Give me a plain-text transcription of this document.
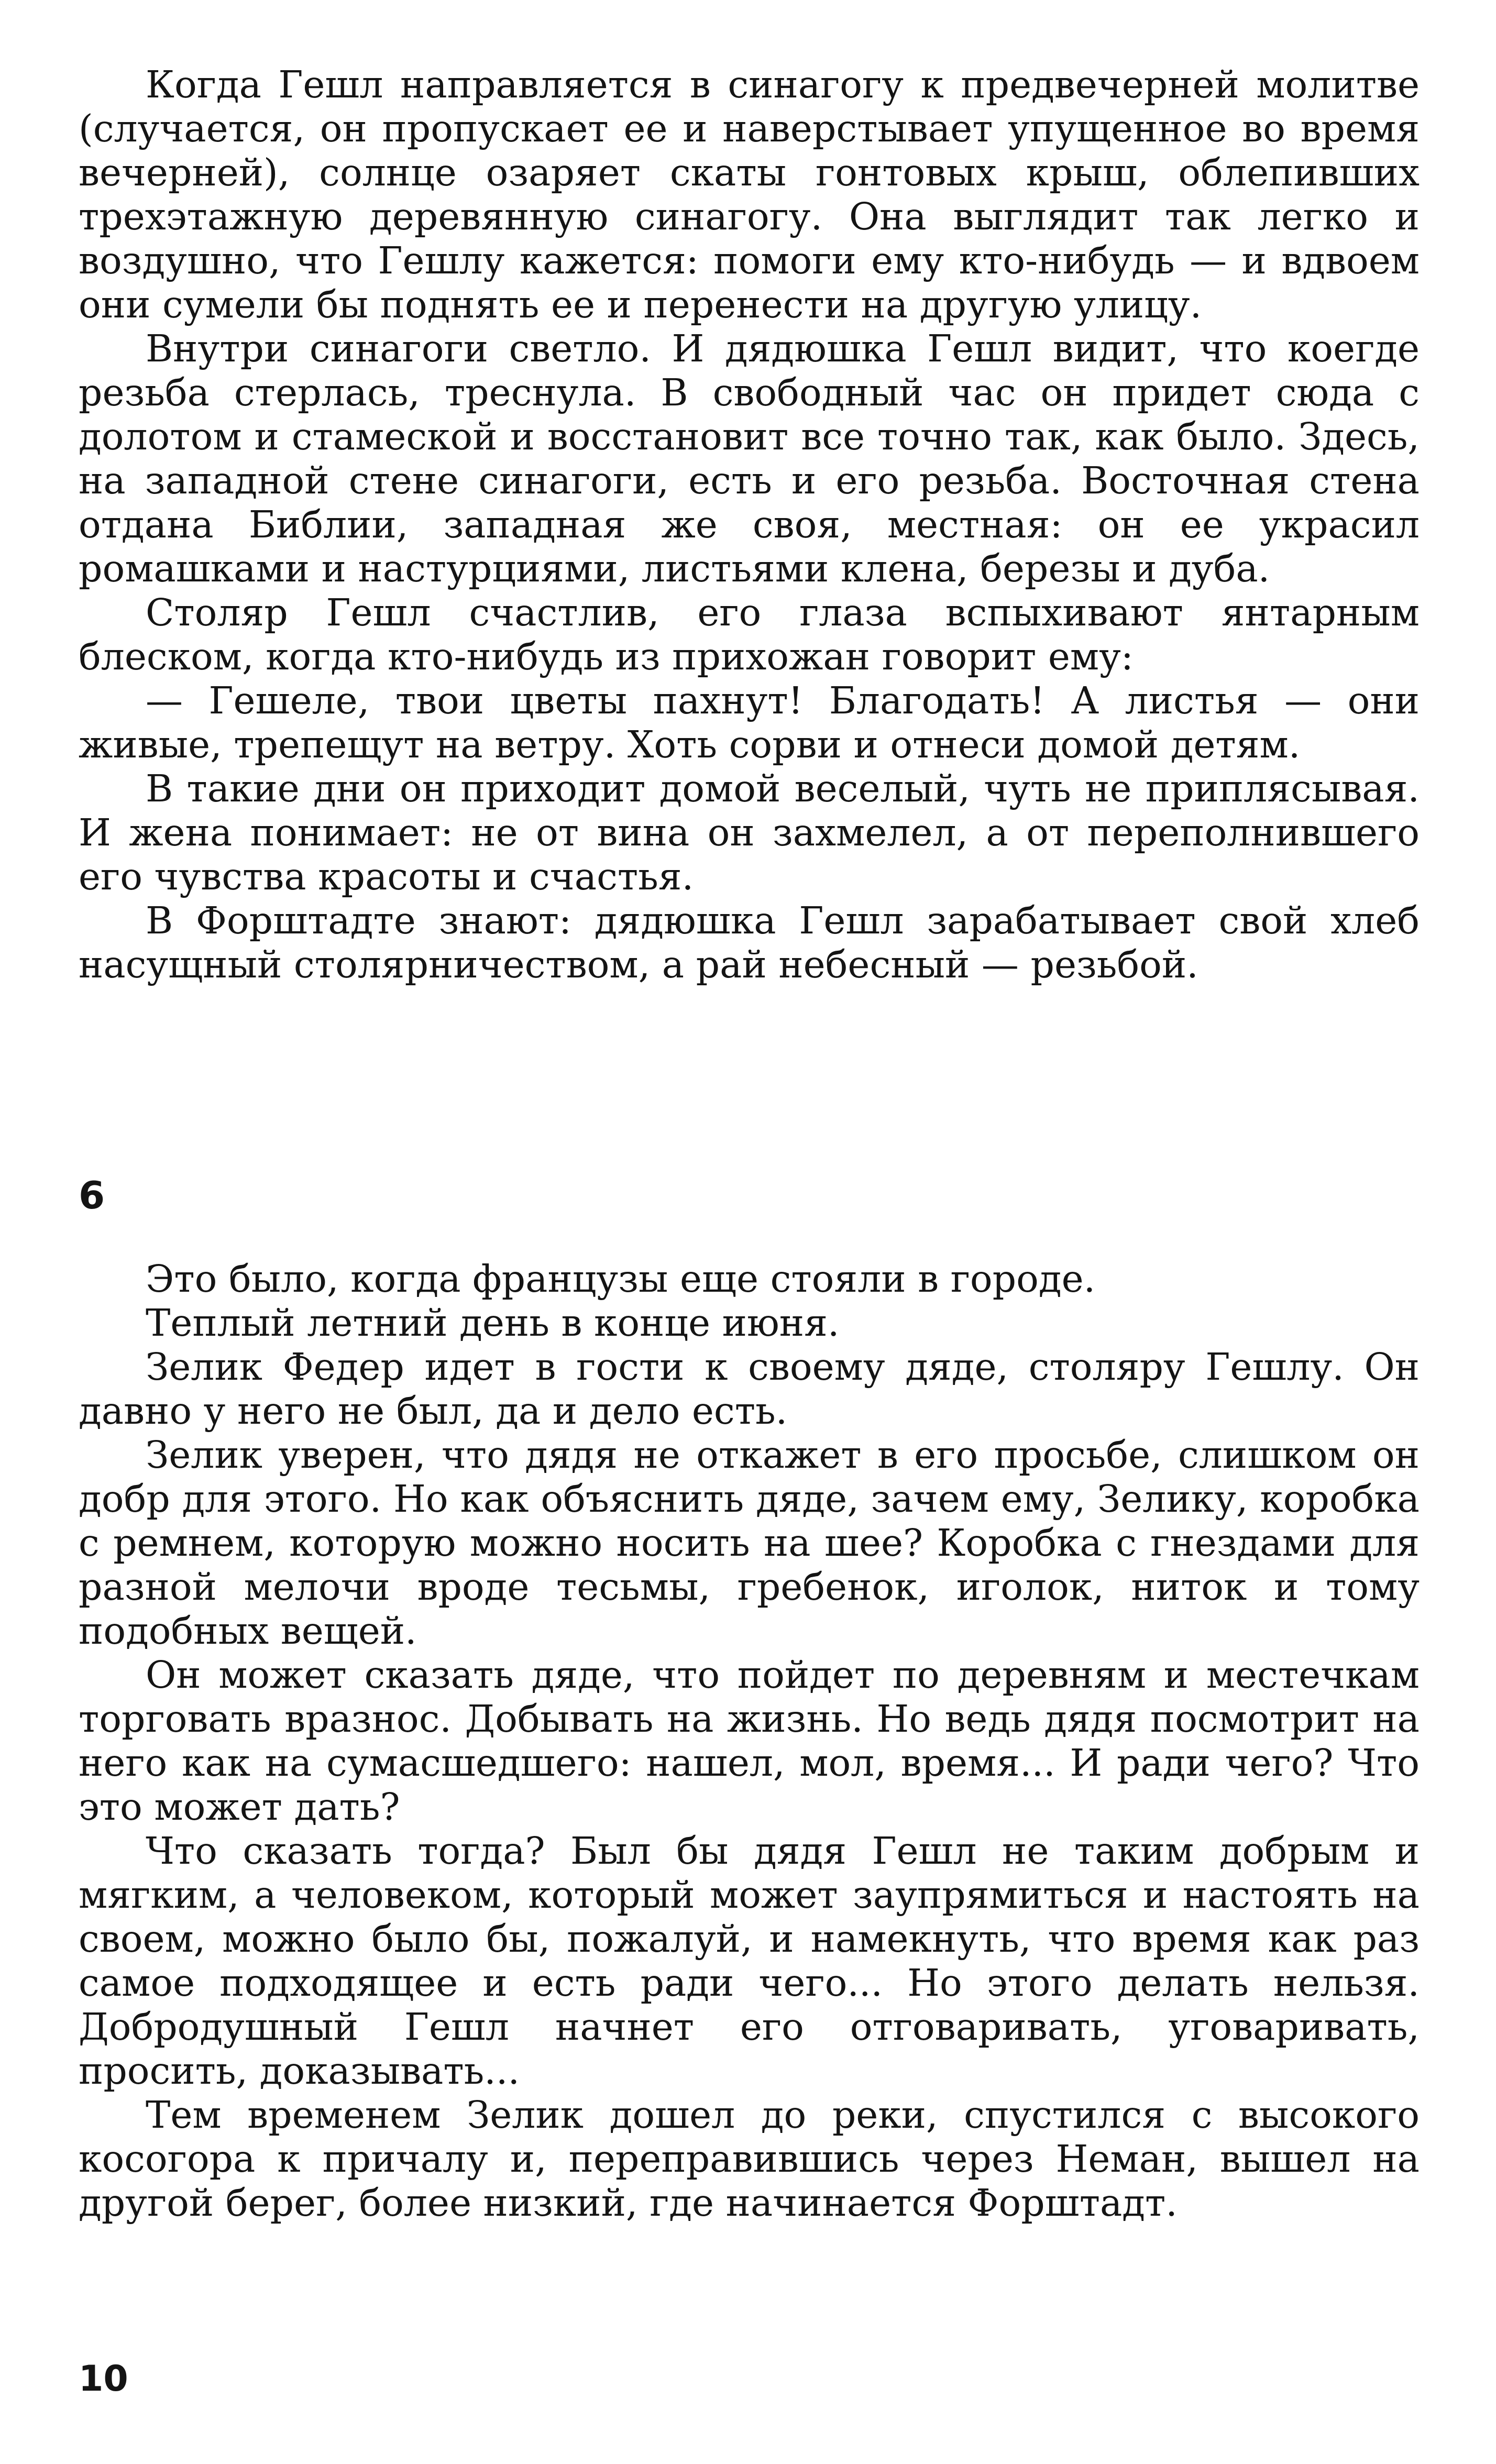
Когда Гешл направляется в синагогу к предвечерней молитве (случается, он пропускает ее и наверстывает упущенное во время вечерней), солнце озаряет скаты гонтовых крыш, облепивших трехэтажную деревянную синагогу. Она выглядит так легко и воздушно, что Гешлу кажется: помоги ему кто-нибудь — и вдвоем они сумели бы поднять ее и перенести на другую улицу.

Внутри синагоги светло. И дядюшка Гешл видит, что коегде резьба стерлась, треснула. В свободный час он придет сюда с долотом и стамеской и восстановит все точно так, как было. Здесь, на западной стене синагоги, есть и его резьба. Восточная стена отдана Библии, западная же своя, местная: он ее украсил ромашками и настурциями, листьями клена, березы и дуба.

Столяр Гешл счастлив, его глаза вспыхивают янтарным блеском, когда кто-нибудь из прихожан говорит ему:

— Гешеле, твои цветы пахнут! Благодать! А листья — они живые, трепещут на ветру. Хоть сорви и отнеси домой детям.

В такие дни он приходит домой веселый, чуть не приплясывая. И жена понимает: не от вина он захмелел, а от переполнившего его чувства красоты и счастья.

В Форштадте знают: дядюшка Гешл зарабатывает свой хлеб насущный столярничеством, а рай небесный — резьбой.

6

Это было, когда французы еще стояли в городе.

Теплый летний день в конце июня.

Зелик Федер идет в гости к своему дяде, столяру Гешлу. Он давно у него не был, да и дело есть.

Зелик уверен, что дядя не откажет в его просьбе, слишком он добр для этого. Но как объяснить дяде, зачем ему, Зелику, коробка с ремнем, которую можно носить на шее? Коробка с гнездами для разной мелочи вроде тесьмы, гребенок, иголок, ниток и тому подобных вещей.

Он может сказать дяде, что пойдет по деревням и местечкам торговать вразнос. Добывать на жизнь. Но ведь дядя посмотрит на него как на сумасшедшего: нашел, мол, время... И ради чего? Что это может дать?

Что сказать тогда? Был бы дядя Гешл не таким добрым и мягким, а человеком, который может заупрямиться и настоять на своем, можно было бы, пожалуй, и намекнуть, что время как раз самое подходящее и есть ради чего... Но этого делать нельзя. Добродушный Гешл начнет его отговаривать, уговаривать, просить, доказывать...

Тем временем Зелик дошел до реки, спустился с высокого косогора к причалу и, переправившись через Неман, вышел на другой берег, более низкий, где начинается Форштадт.

10
